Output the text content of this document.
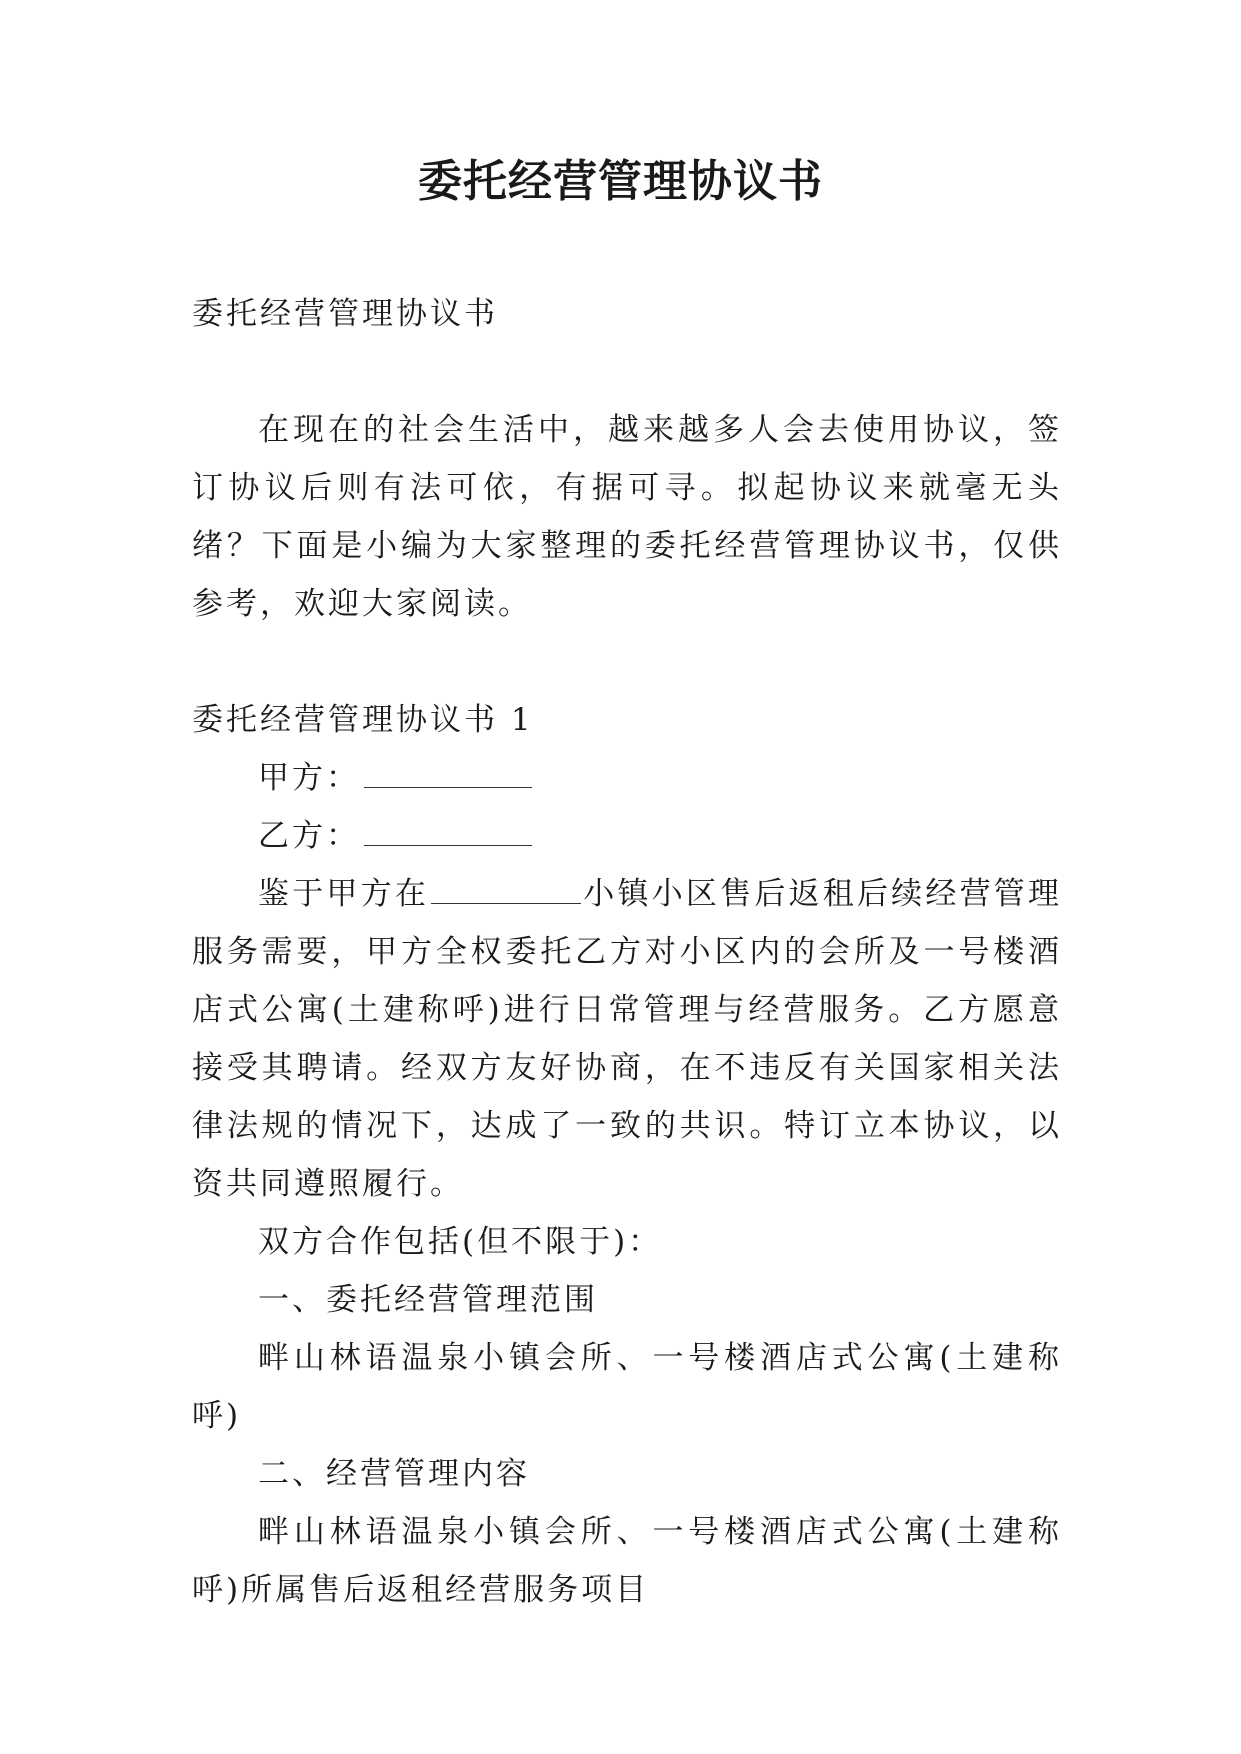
委托经营管理协议书

委托经营管理协议书

在现在的社会生活中，越来越多人会去使用协议，签订协议后则有法可依，有据可寻。拟起协议来就毫无头绪？下面是小编为大家整理的委托经营管理协议书，仅供参考，欢迎大家阅读。

委托经营管理协议书 1

甲方：

乙方：

鉴于甲方在	小镇小区售后返租后续经营管理服务需要，甲方全权委托乙方对小区内的会所及一号楼酒店式公寓(土建称呼)进行日常管理与经营服务。乙方愿意接受其聘请。经双方友好协商，在不违反有关国家相关法律法规的情况下，达成了一致的共识。特订立本协议，以资共同遵照履行。

双方合作包括(但不限于)：

一、委托经营管理范围

畔山林语温泉小镇会所、一号楼酒店式公寓(土建称呼)

二、经营管理内容

畔山林语温泉小镇会所、一号楼酒店式公寓(土建称呼)所属售后返租经营服务项目
